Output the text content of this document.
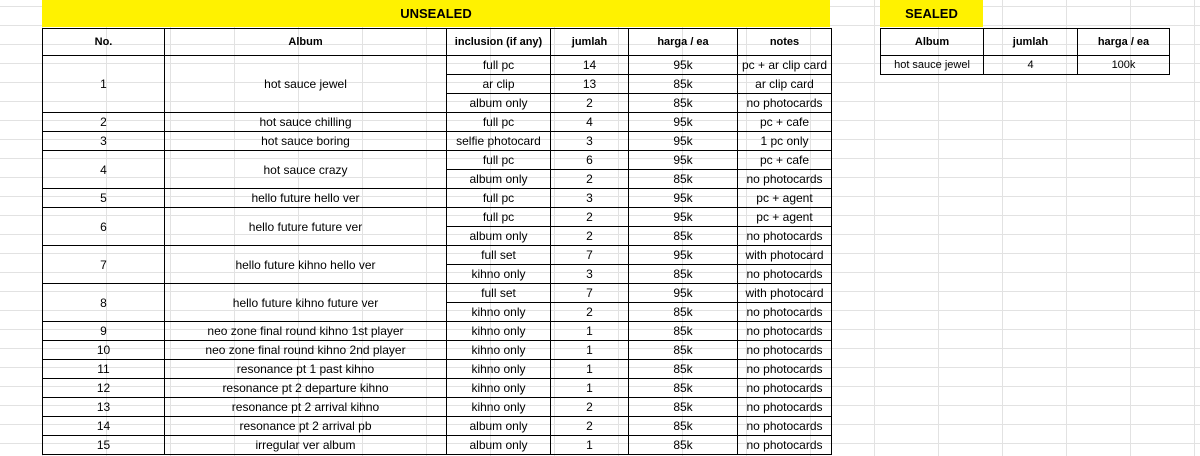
UNSEALED	SEALED
No.	Album	inclusion (if any)	jumlah	harga / ea	notes
1	hot sauce jewel	full pc	14	95k	pc + ar clip card
		ar clip	13	85k	ar clip card
		album only	2	85k	no photocards
2	hot sauce chilling	full pc	4	95k	pc + cafe
3	hot sauce boring	selfie photocard	3	95k	1 pc only
4	hot sauce crazy	full pc	6	95k	pc + cafe
		album only	2	85k	no photocards
5	hello future hello ver	full pc	3	95k	pc + agent
6	hello future future ver	full pc	2	95k	pc + agent
		album only	2	85k	no photocards
7	hello future kihno hello ver	full set	7	95k	with photocard
		kihno only	3	85k	no photocards
8	hello future kihno future ver	full set	7	95k	with photocard
		kihno only	2	85k	no photocards
9	neo zone final round kihno 1st player	kihno only	1	85k	no photocards
10	neo zone final round kihno 2nd player	kihno only	1	85k	no photocards
11	resonance pt 1 past kihno	kihno only	1	85k	no photocards
12	resonance pt 2 departure kihno	kihno only	1	85k	no photocards
13	resonance pt 2 arrival kihno	kihno only	2	85k	no photocards
14	resonance pt 2 arrival pb	album only	2	85k	no photocards
15	irregular ver album	album only	1	85k	no photocards
Album	jumlah	harga / ea
hot sauce jewel	4	100k
